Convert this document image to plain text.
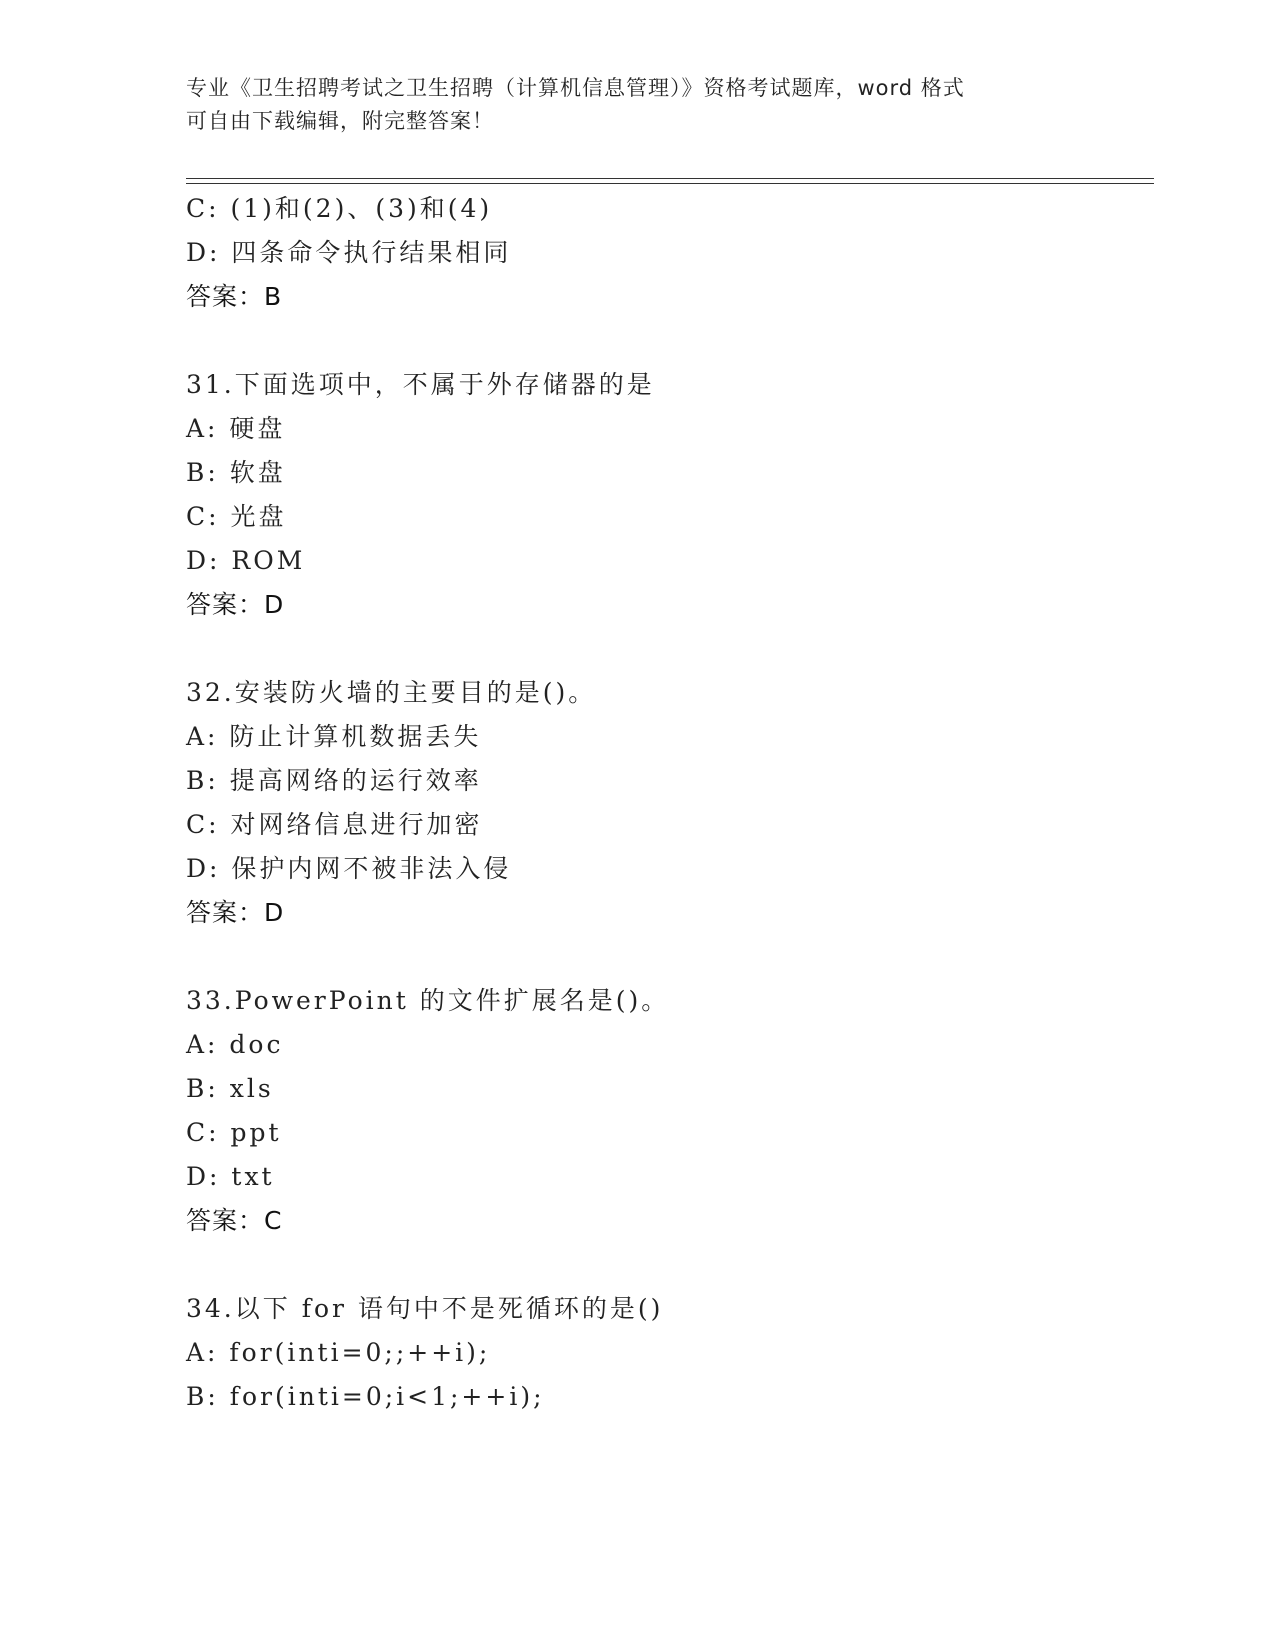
专业《卫生招聘考试之卫生招聘（计算机信息管理）》资格考试题库，word 格式
可自由下载编辑，附完整答案！
C: (1)和(2)、(3)和(4)
D: 四条命令执行结果相同
答案：B
31.下面选项中，不属于外存储器的是
A: 硬盘
B: 软盘
C: 光盘
D: ROM
答案：D
32.安装防火墙的主要目的是()。
A: 防止计算机数据丢失
B: 提高网络的运行效率
C: 对网络信息进行加密
D: 保护内网不被非法入侵
答案：D
33.PowerPoint 的文件扩展名是()。
A: doc
B: xls
C: ppt
D: txt
答案：C
34.以下 for 语句中不是死循环的是()
A: for(inti=0;;++i);
B: for(inti=0;i<1;++i);
